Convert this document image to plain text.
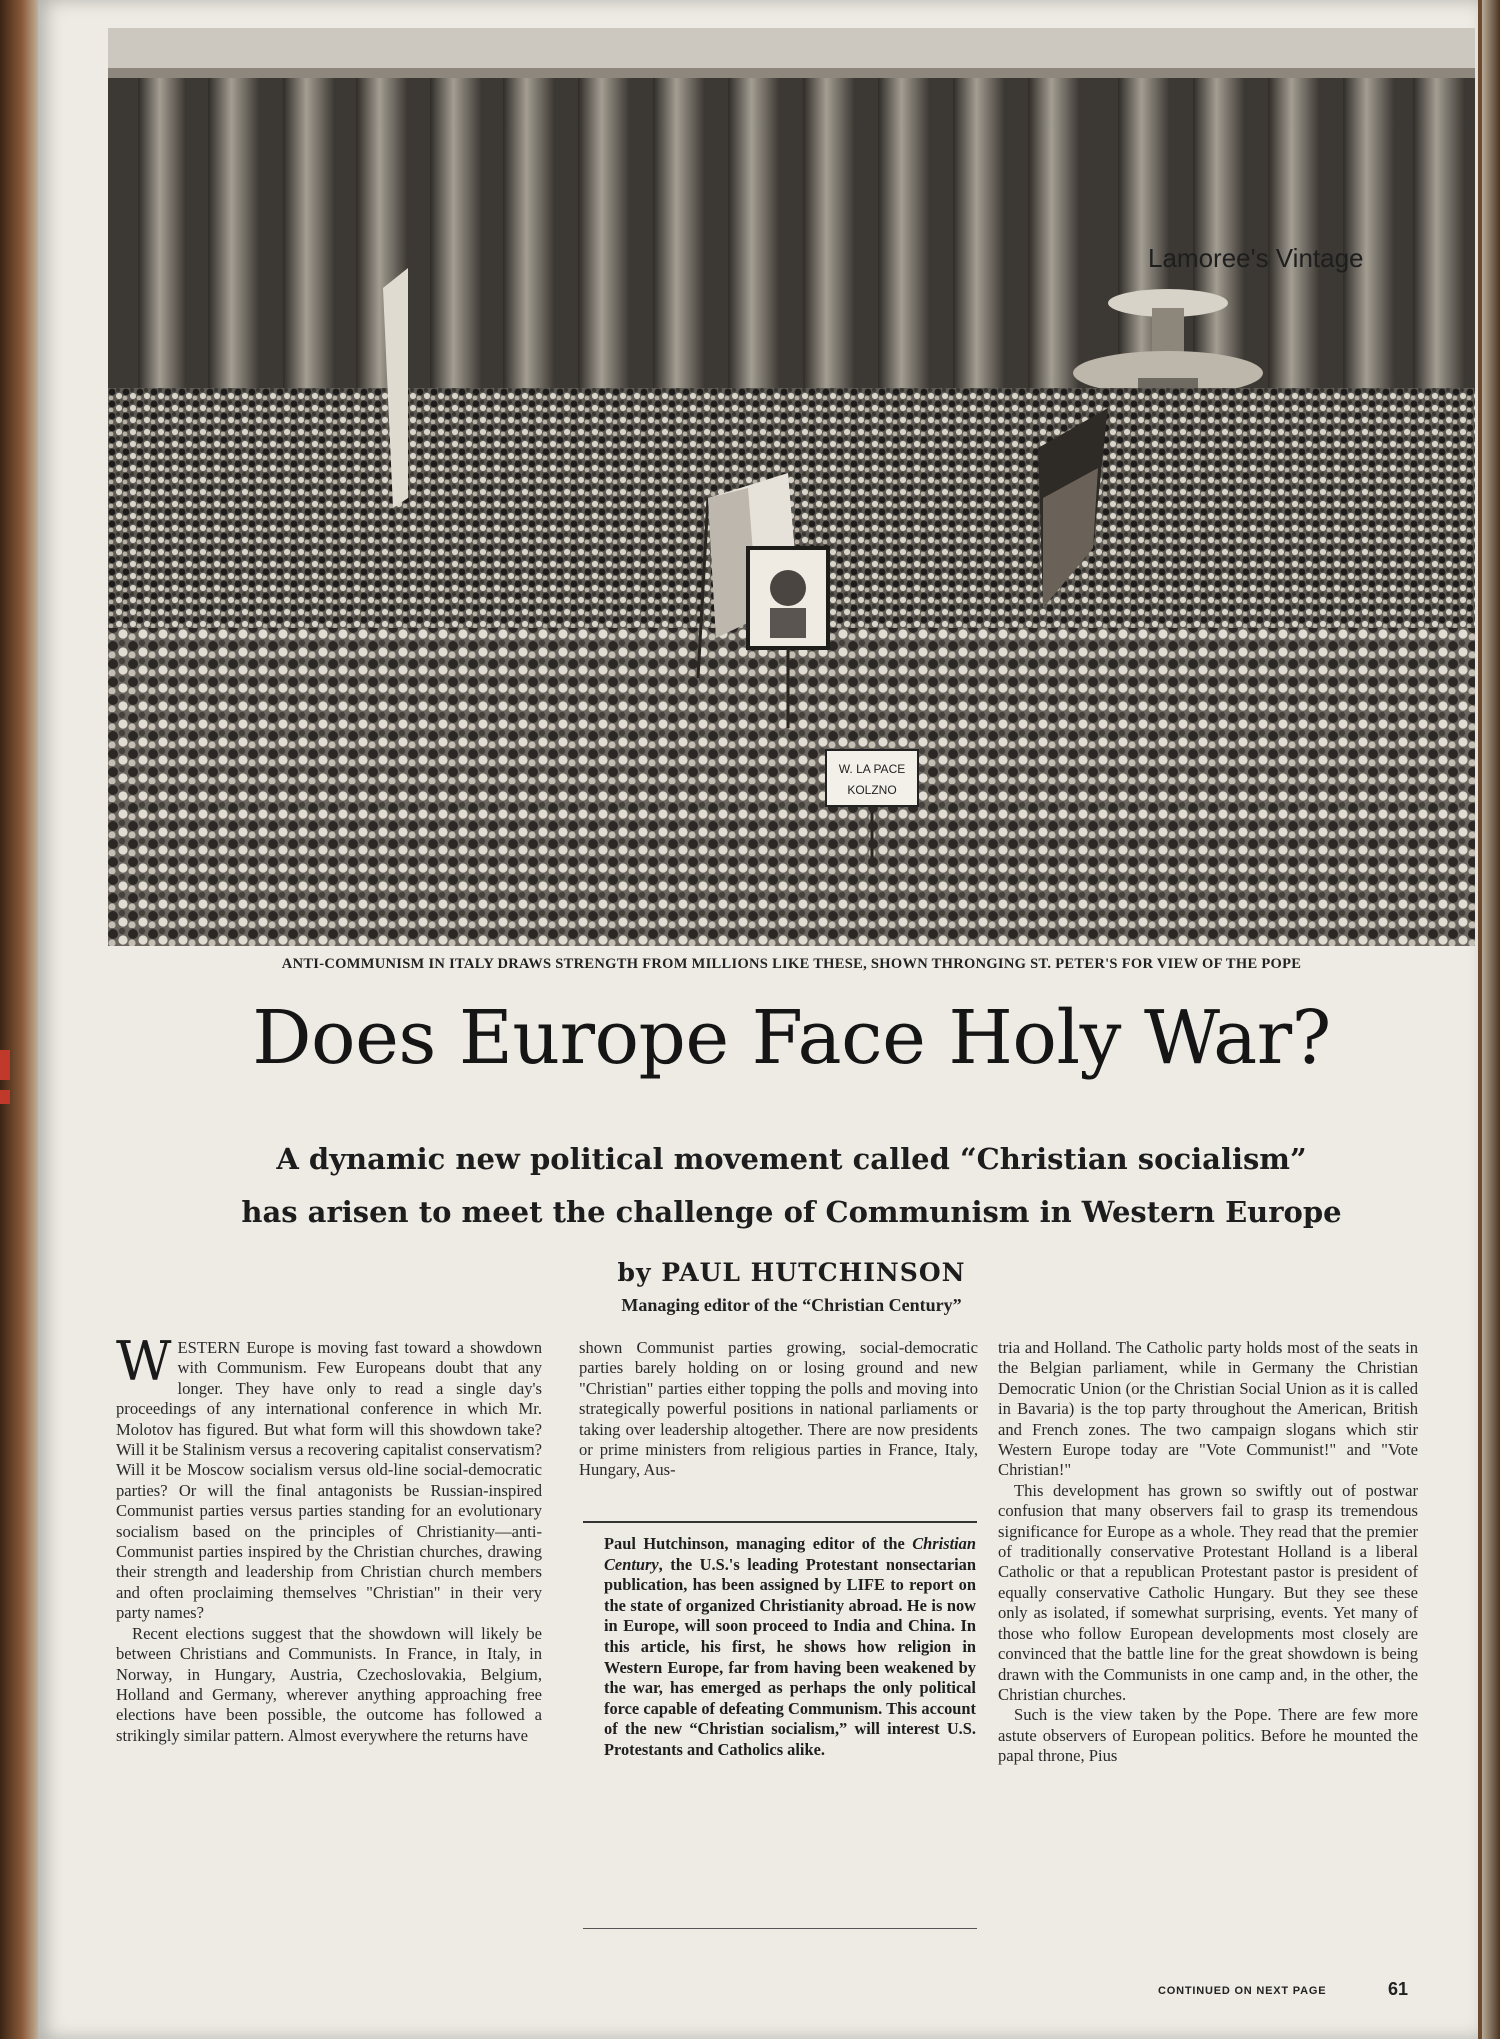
W. LA PACE
KOLZNO
Lamoree's Vintage
ANTI-COMMUNISM IN ITALY DRAWS STRENGTH FROM MILLIONS LIKE THESE, SHOWN THRONGING ST. PETER'S FOR VIEW OF THE POPE
Does Europe Face Holy War?
A dynamic new political movement called “Christian socialism”
has arisen to meet the challenge of Communism in Western Europe
by PAUL HUTCHINSON
Managing editor of the “Christian Century”

WESTERN Europe is moving fast toward a showdown with Communism. Few Europeans doubt that any longer. They have only to read a single day's proceedings of any international conference in which Mr. Molotov has figured. But what form will this showdown take? Will it be Stalinism versus a recovering capitalist conservatism? Will it be Moscow socialism versus old-line social-democratic parties? Or will the final antagonists be Russian-inspired Communist parties versus parties standing for an evolutionary socialism based on the principles of Christianity—anti-Communist parties inspired by the Christian churches, drawing their strength and leadership from Christian church members and often proclaiming themselves "Christian" in their very party names?

Recent elections suggest that the showdown will likely be between Christians and Communists. In France, in Italy, in Norway, in Hungary, Austria, Czechoslovakia, Belgium, Holland and Germany, wherever anything approaching free elections have been possible, the outcome has followed a strikingly similar pattern. Almost everywhere the returns have

shown Communist parties growing, social-democratic parties barely holding on or losing ground and new "Christian" parties either topping the polls and moving into strategically powerful positions in national parliaments or taking over leadership altogether. There are now presidents or prime ministers from religious parties in France, Italy, Hungary, Aus-

Paul Hutchinson, managing editor of the Christian Century, the U.S.'s leading Protestant nonsectarian publication, has been assigned by LIFE to report on the state of organized Christianity abroad. He is now in Europe, will soon proceed to India and China. In this article, his first, he shows how religion in Western Europe, far from having been weakened by the war, has emerged as perhaps the only political force capable of defeating Communism. This account of the new “Christian socialism,” will interest U.S. Protestants and Catholics alike.

tria and Holland. The Catholic party holds most of the seats in the Belgian parliament, while in Germany the Christian Democratic Union (or the Christian Social Union as it is called in Bavaria) is the top party throughout the American, British and French zones. The two campaign slogans which stir Western Europe today are "Vote Communist!" and "Vote Christian!"

This development has grown so swiftly out of postwar confusion that many observers fail to grasp its tremendous significance for Europe as a whole. They read that the premier of traditionally conservative Protestant Holland is a liberal Catholic or that a republican Protestant pastor is president of equally conservative Catholic Hungary. But they see these only as isolated, if somewhat surprising, events. Yet many of those who follow European developments most closely are convinced that the battle line for the great showdown is being drawn with the Communists in one camp and, in the other, the Christian churches.

Such is the view taken by the Pope. There are few more astute observers of European politics. Before he mounted the papal throne, Pius

CONTINUED ON NEXT PAGE	61
